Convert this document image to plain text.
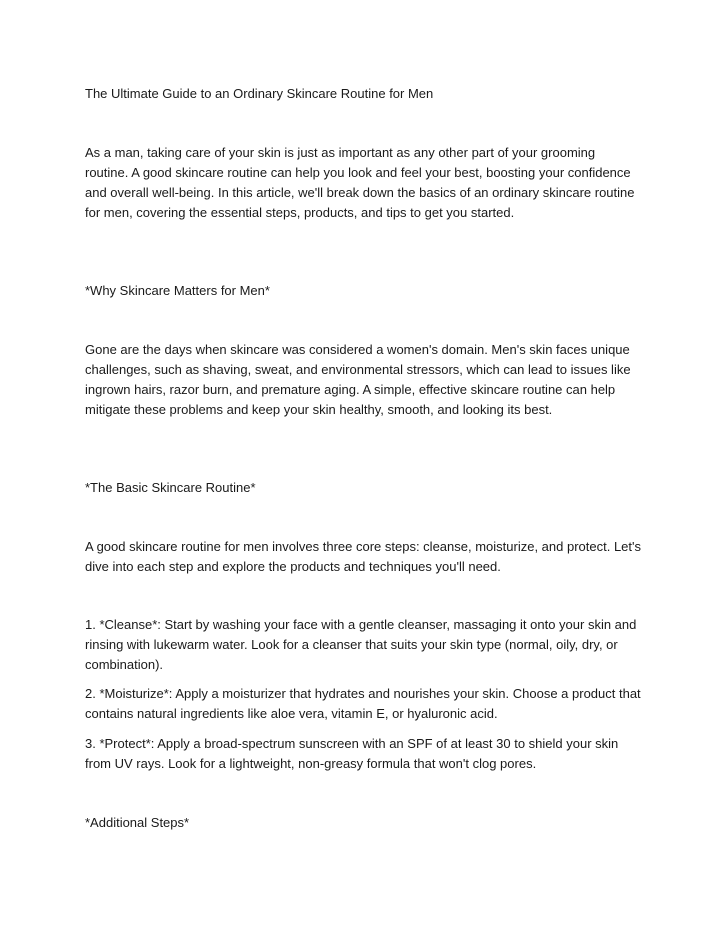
The Ultimate Guide to an Ordinary Skincare Routine for Men

As a man, taking care of your skin is just as important as any other part of your grooming routine. A good skincare routine can help you look and feel your best, boosting your confidence and overall well-being. In this article, we'll break down the basics of an ordinary skincare routine for men, covering the essential steps, products, and tips to get you started.

*Why Skincare Matters for Men*

Gone are the days when skincare was considered a women's domain. Men's skin faces unique challenges, such as shaving, sweat, and environmental stressors, which can lead to issues like ingrown hairs, razor burn, and premature aging. A simple, effective skincare routine can help mitigate these problems and keep your skin healthy, smooth, and looking its best.

*The Basic Skincare Routine*

A good skincare routine for men involves three core steps: cleanse, moisturize, and protect. Let's dive into each step and explore the products and techniques you'll need.

1. *Cleanse*: Start by washing your face with a gentle cleanser, massaging it onto your skin and rinsing with lukewarm water. Look for a cleanser that suits your skin type (normal, oily, dry, or combination).

2. *Moisturize*: Apply a moisturizer that hydrates and nourishes your skin. Choose a product that contains natural ingredients like aloe vera, vitamin E, or hyaluronic acid.

3. *Protect*: Apply a broad-spectrum sunscreen with an SPF of at least 30 to shield your skin from UV rays. Look for a lightweight, non-greasy formula that won't clog pores.

*Additional Steps*
